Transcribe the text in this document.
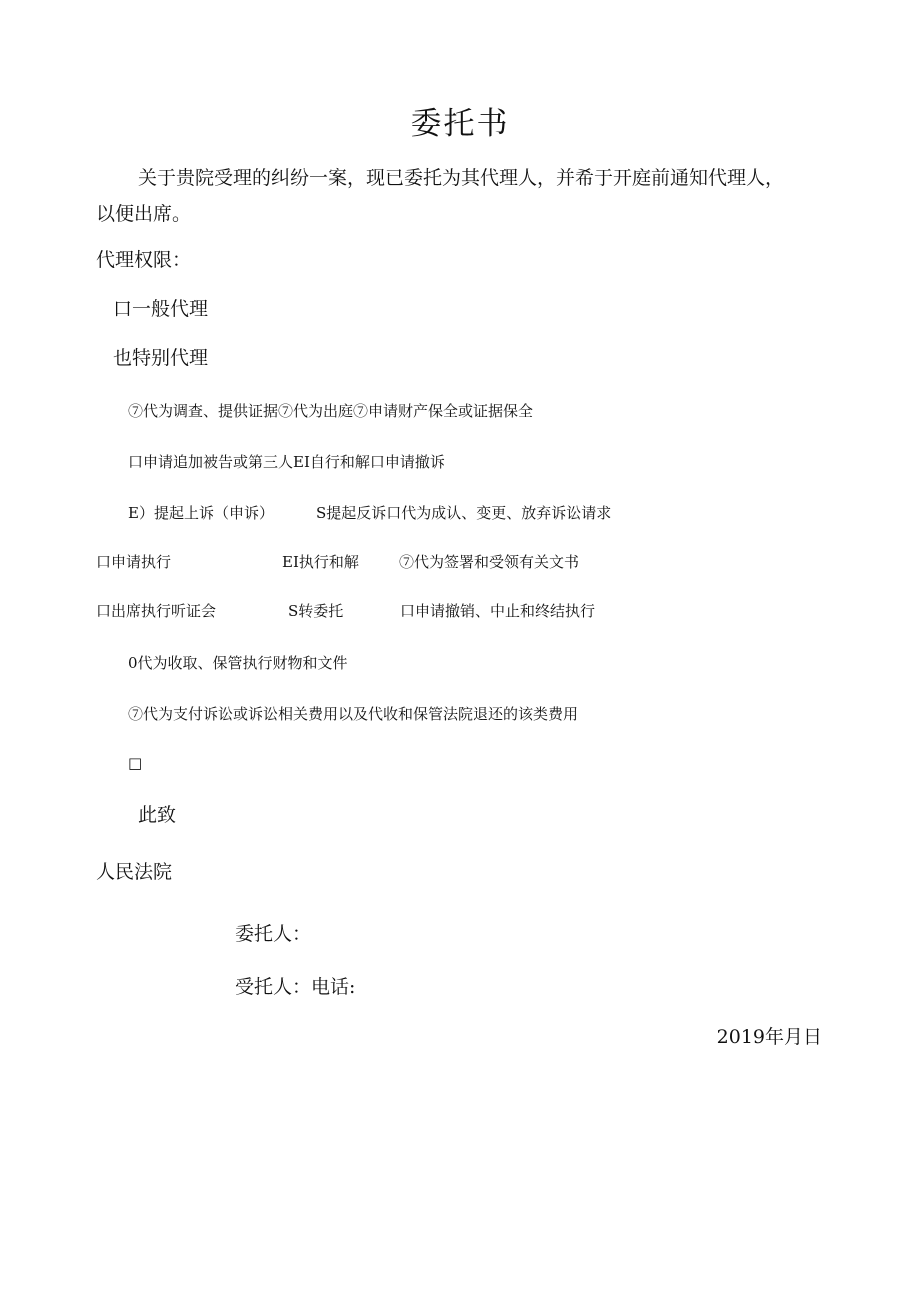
委托书
关于贵院受理的纠纷一案，现已委托为其代理人，并希于开庭前通知代理人，
以便出席。
代理权限：
口一般代理
也特别代理
⑦代为调查、提供证据⑦代为出庭⑦申请财产保全或证据保全
口申请追加被告或第三人EI自行和解口申请撤诉
E）提起上诉（申诉）	S提起反诉口代为成认、变更、放弃诉讼请求
口申请执行	EI执行和解	⑦代为签署和受领有关文书
口出席执行听证会	S转委托	口申请撤销、中止和终结执行
0代为收取、保管执行财物和文件
⑦代为支付诉讼或诉讼相关费用以及代收和保管法院退还的该类费用
□
此致
人民法院
委托人：
受托人：电话:
2019年月日
